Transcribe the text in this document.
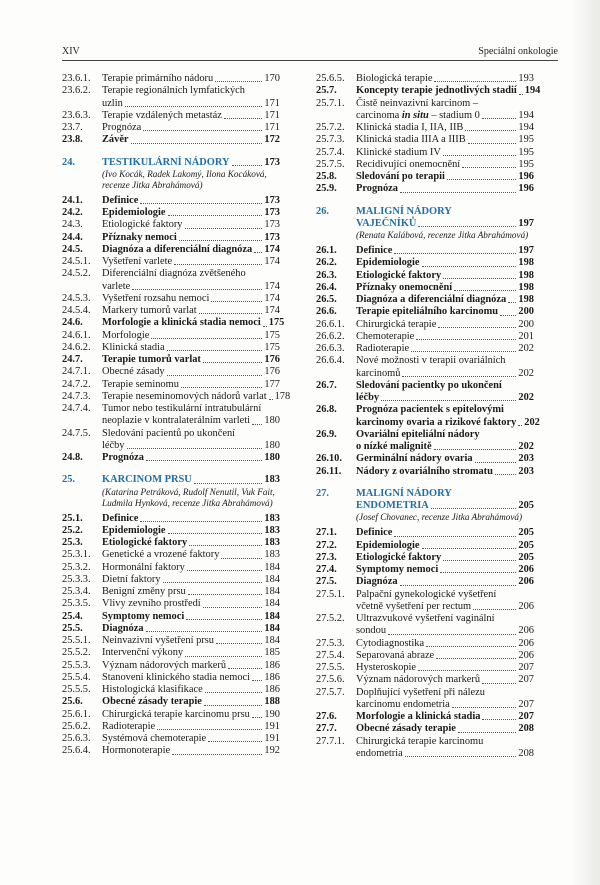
XIV	Speciální onkologie
23.6.1.	Terapie primárního nádoru	170
23.6.2.	Terapie regionálních lymfatických
uzlin	171
23.6.3.	Terapie vzdálených metastáz	171
23.7.	Prognóza	171
23.8.	Závěr	172
24.	TESTIKULÁRNÍ NÁDORY	173
(Ivo Kocák, Radek Lakomý, Ilona Kocáková,
recenze Jitka Abrahámová)
24.1.	Definice	173
24.2.	Epidemiologie	173
24.3.	Etiologické faktory	173
24.4.	Příznaky nemoci	173
24.5.	Diagnóza a diferenciální diagnóza 174
24.5.1.	Vyšetření varlete	174
24.5.2.	Diferenciální diagnóza zvětšeného
varlete	174
24.5.3.	Vyšetření rozsahu nemoci	174
24.5.4.	Markery tumorů varlat	174
24.6.	Morfologie a klinická stadia nemoci 175
24.6.1.	Morfologie	175
24.6.2.	Klinická stadia	175
24.7.	Terapie tumorů varlat	176
24.7.1.	Obecné zásady	176
24.7.2.	Terapie seminomu	177
24.7.3.	Terapie neseminomových nádorů varlat 178
24.7.4.	Tumor nebo testikulární intratubulární
neoplazie v kontralaterálním varleti 180
24.7.5.	Sledování pacientů po ukončení
léčby	180
24.8.	Prognóza	180
25.	KARCINOM PRSU	183
(Katarina Petráková, Rudolf Nenutil, Vuk Fait,
Ludmila Hynková, recenze Jitka Abrahámová)
25.1.	Definice	183
25.2.	Epidemiologie	183
25.3.	Etiologické faktory	183
25.3.1.	Genetické a vrozené faktory	183
25.3.2.	Hormonální faktory	184
25.3.3.	Dietní faktory	184
25.3.4.	Benigní změny prsu	184
25.3.5.	Vlivy zevního prostředí	184
25.4.	Symptomy nemoci	184
25.5.	Diagnóza	184
25.5.1.	Neinvazivní vyšetření prsu	184
25.5.2.	Intervenční výkony	185
25.5.3.	Význam nádorových markerů	186
25.5.4.	Stanovení klinického stadia nemoci 186
25.5.5.	Histologická klasifikace	186
25.6.	Obecné zásady terapie	188
25.6.1.	Chirurgická terapie karcinomu prsu 190
25.6.2.	Radioterapie	191
25.6.3.	Systémová chemoterapie	191
25.6.4.	Hormonoterapie	192
25.6.5.	Biologická terapie	193
25.7.	Koncepty terapie jednotlivých stadií 194
25.7.1.	Čistě neinvazivní karcinom –
carcinoma in situ – stadium 0	194
25.7.2.	Klinická stadia I, IIA, IIB	194
25.7.3.	Klinická stadia IIIA a IIIB	195
25.7.4.	Klinické stadium IV	195
25.7.5.	Recidivující onemocnění	195
25.8.	Sledování po terapii	196
25.9.	Prognóza	196
26.	MALIGNÍ NÁDORY
VAJEČNÍKŮ	197
(Renata Kalábová, recenze Jitka Abrahámová)
26.1.	Definice	197
26.2.	Epidemiologie	198
26.3.	Etiologické faktory	198
26.4.	Příznaky onemocnění	198
26.5.	Diagnóza a diferenciální diagnóza 198
26.6.	Terapie epiteliálního karcinomu 200
26.6.1.	Chirurgická terapie	200
26.6.2.	Chemoterapie	201
26.6.3.	Radioterapie	202
26.6.4.	Nové možnosti v terapii ovariálních
karcinomů	202
26.7.	Sledování pacientky po ukončení
léčby	202
26.8.	Prognóza pacientek s epitelovými
karcinomy ovaria a rizikové faktory 202
26.9.	Ovariální epiteliální nádory
o nízké malignitě	202
26.10.	Germinální nádory ovaria	203
26.11.	Nádory z ovariálního stromatu 203
27.	MALIGNÍ NÁDORY
ENDOMETRIA	205
(Josef Chovanec, recenze Jitka Abrahámová)
27.1.	Definice	205
27.2.	Epidemiologie	205
27.3.	Etiologické faktory	205
27.4.	Symptomy nemoci	206
27.5.	Diagnóza	206
27.5.1.	Palpační gynekologické vyšetření
včetně vyšetření per rectum	206
27.5.2.	Ultrazvukové vyšetření vaginální
sondou	206
27.5.3.	Cytodiagnostika	206
27.5.4.	Separovaná abraze	206
27.5.5.	Hysteroskopie	207
27.5.6.	Význam nádorových markerů	207
27.5.7.	Doplňující vyšetření při nálezu
karcinomu endometria	207
27.6.	Morfologie a klinická stadia	207
27.7.	Obecné zásady terapie	208
27.7.1.	Chirurgická terapie karcinomu
endometria	208
